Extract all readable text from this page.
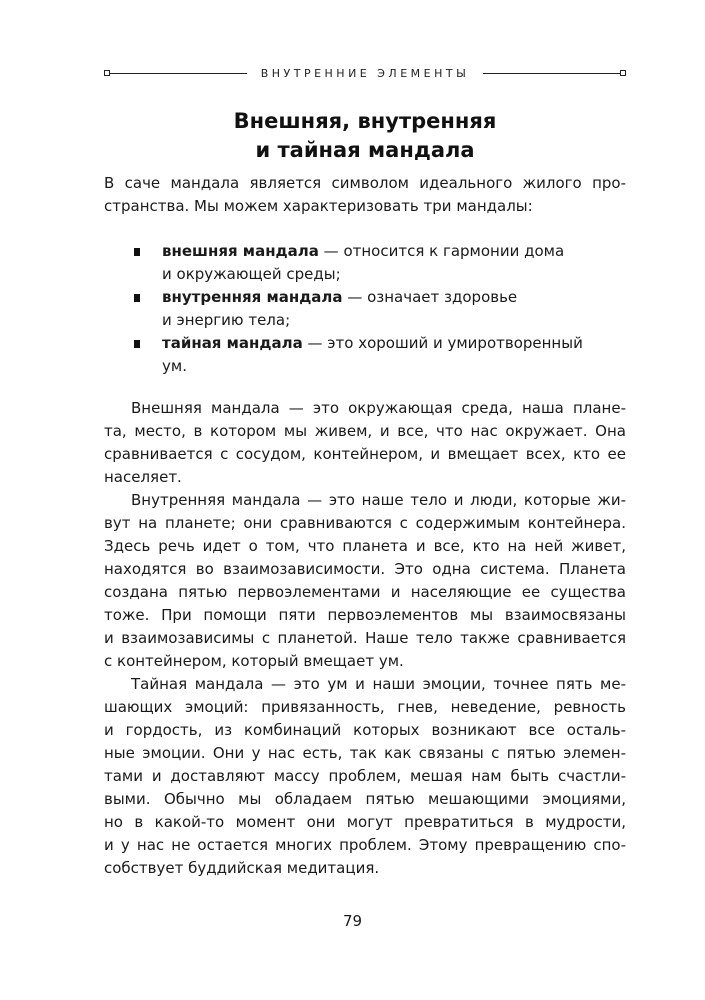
ВНУТРЕННИЕ ЭЛЕМЕНТЫ
Внешняя, внутренняя
и тайная мандала
В саче мандала является символом идеального жилого про-
странства. Мы можем характеризовать три мандалы:
внешняя мандала — относится к гармонии дома
и окружающей среды;
внутренняя мандала — означает здоровье
и энергию тела;
тайная мандала — это хороший и умиротворенный
ум.
Внешняя мандала — это окружающая среда, наша плане-
та, место, в котором мы живем, и все, что нас окружает. Она
сравнивается с сосудом, контейнером, и вмещает всех, кто ее
населяет.
Внутренняя мандала — это наше тело и люди, которые жи-
вут на планете; они сравниваются с содержимым контейнера.
Здесь речь идет о том, что планета и все, кто на ней живет,
находятся во взаимозависимости. Это одна система. Планета
создана пятью первоэлементами и населяющие ее существа
тоже. При помощи пяти первоэлементов мы взаимосвязаны
и взаимозависимы с планетой. Наше тело также сравнивается
с контейнером, который вмещает ум.
Тайная мандала — это ум и наши эмоции, точнее пять ме-
шающих эмоций: привязанность, гнев, неведение, ревность
и гордость, из комбинаций которых возникают все осталь-
ные эмоции. Они у нас есть, так как связаны с пятью элемен-
тами и доставляют массу проблем, мешая нам быть счастли-
выми. Обычно мы обладаем пятью мешающими эмоциями,
но в какой-то момент они могут превратиться в мудрости,
и у нас не остается многих проблем. Этому превращению спо-
собствует буддийская медитация.
79
